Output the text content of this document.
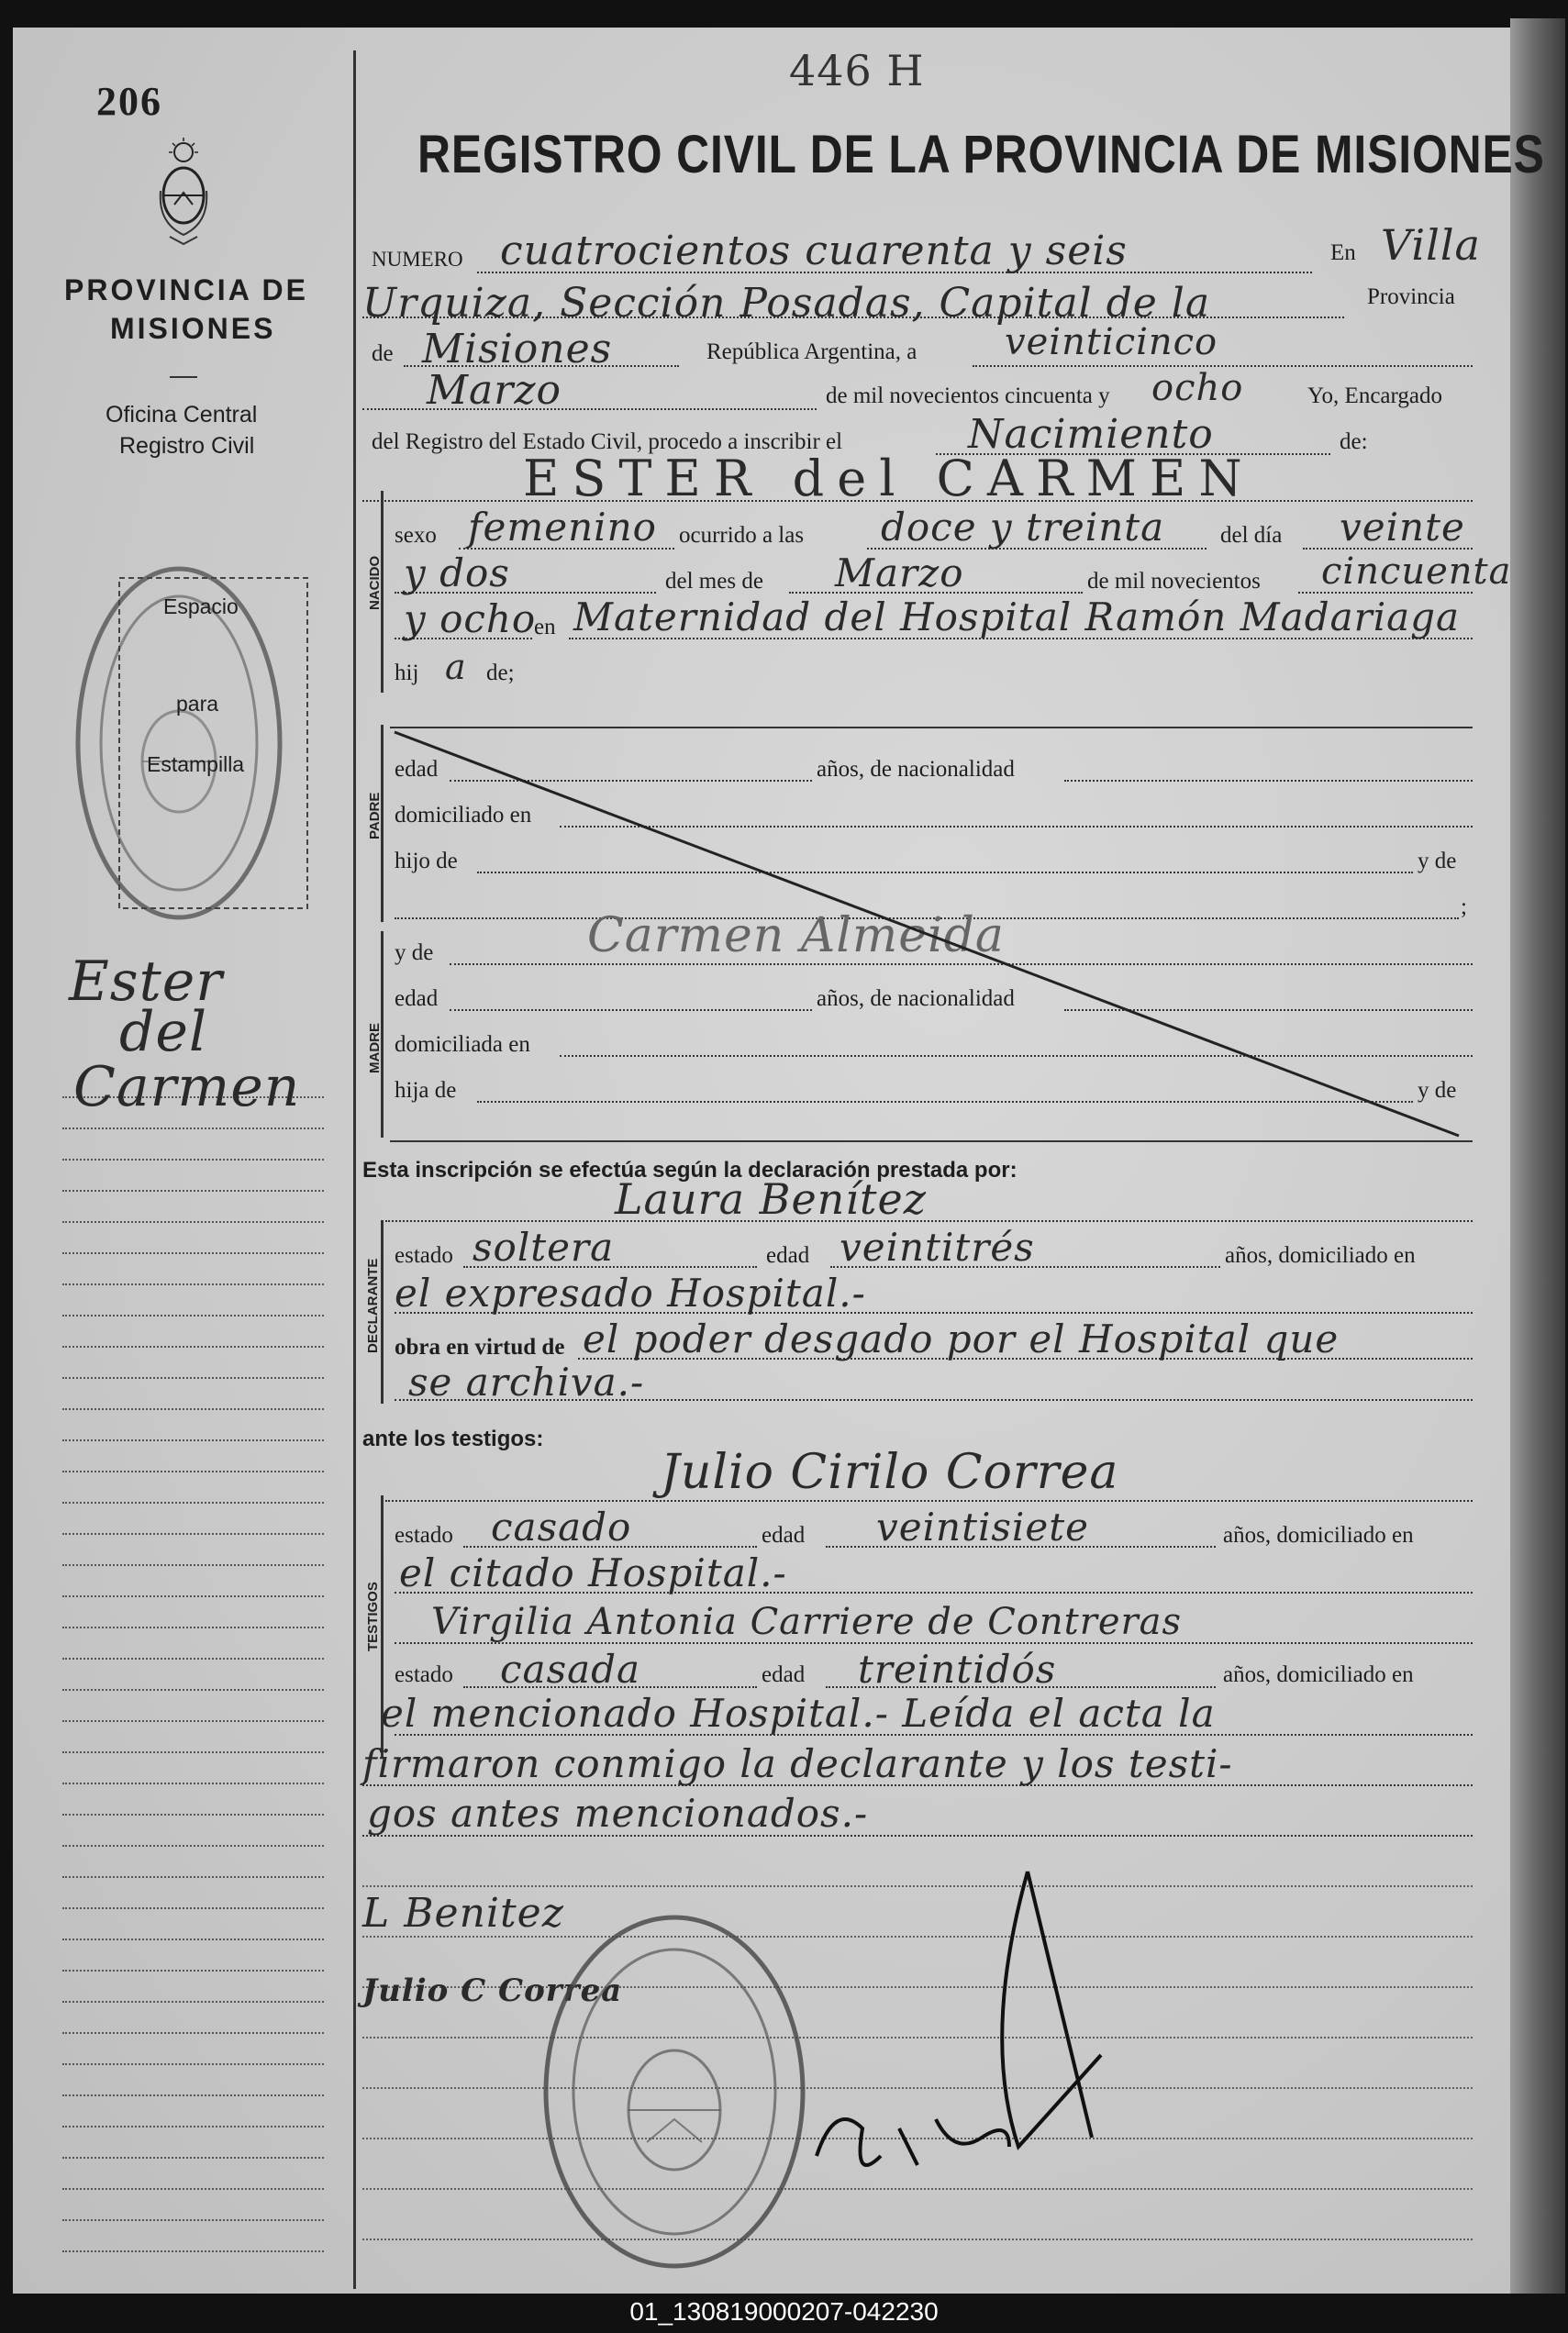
206
PROVINCIA DE
MISIONES
Oficina Central
Registro Civil
Espacio
para
Estampilla
Ester
del
Carmen
446 H
REGISTRO CIVIL DE LA PROVINCIA DE MISIONES
NUMERO cuatrocientos cuarenta y seis	En Villa
Urquiza, Sección Posadas, Capital de la	Provincia
de Misiones	República Argentina, a veinticinco
Marzo	de mil novecientos cincuenta y ocho	Yo, Encargado
del Registro del Estado Civil, procedo a inscribir el	Nacimiento	de:
ESTER del CARMEN
NACIDO
sexo femenino ocurrido a las doce y treinta del día veinte
y dos	del mes de Marzo	de mil novecientos cincuenta
y ocho
en Maternidad del Hospital Ramón Madariaga
hij a de;
PADRE
edad	años, de nacionalidad
domiciliado en
hijo de	y de
;
MADRE
y de	Carmen Almeida
edad	años, de nacionalidad
domiciliada en
hija de	y de
Esta inscripción se efectúa según la declaración prestada por:
Laura Benítez
DECLARANTE
estado soltera	edad veintitrés	años, domiciliado en
el expresado Hospital.-
obra en virtud de el poder desgado por el Hospital que
se archiva.-
ante los testigos:
Julio Cirilo Correa
TESTIGOS
estado casado	edad veintisiete	años, domiciliado en
el citado Hospital.-
Virgilia Antonia Carriere de Contreras
estado casada	edad treintidós	años, domiciliado en
el mencionado Hospital.- Leída el acta la
firmaron conmigo la declarante y los testi-
gos antes mencionados.-
L Benitez
Julio C Correa
01_130819000207-042230
